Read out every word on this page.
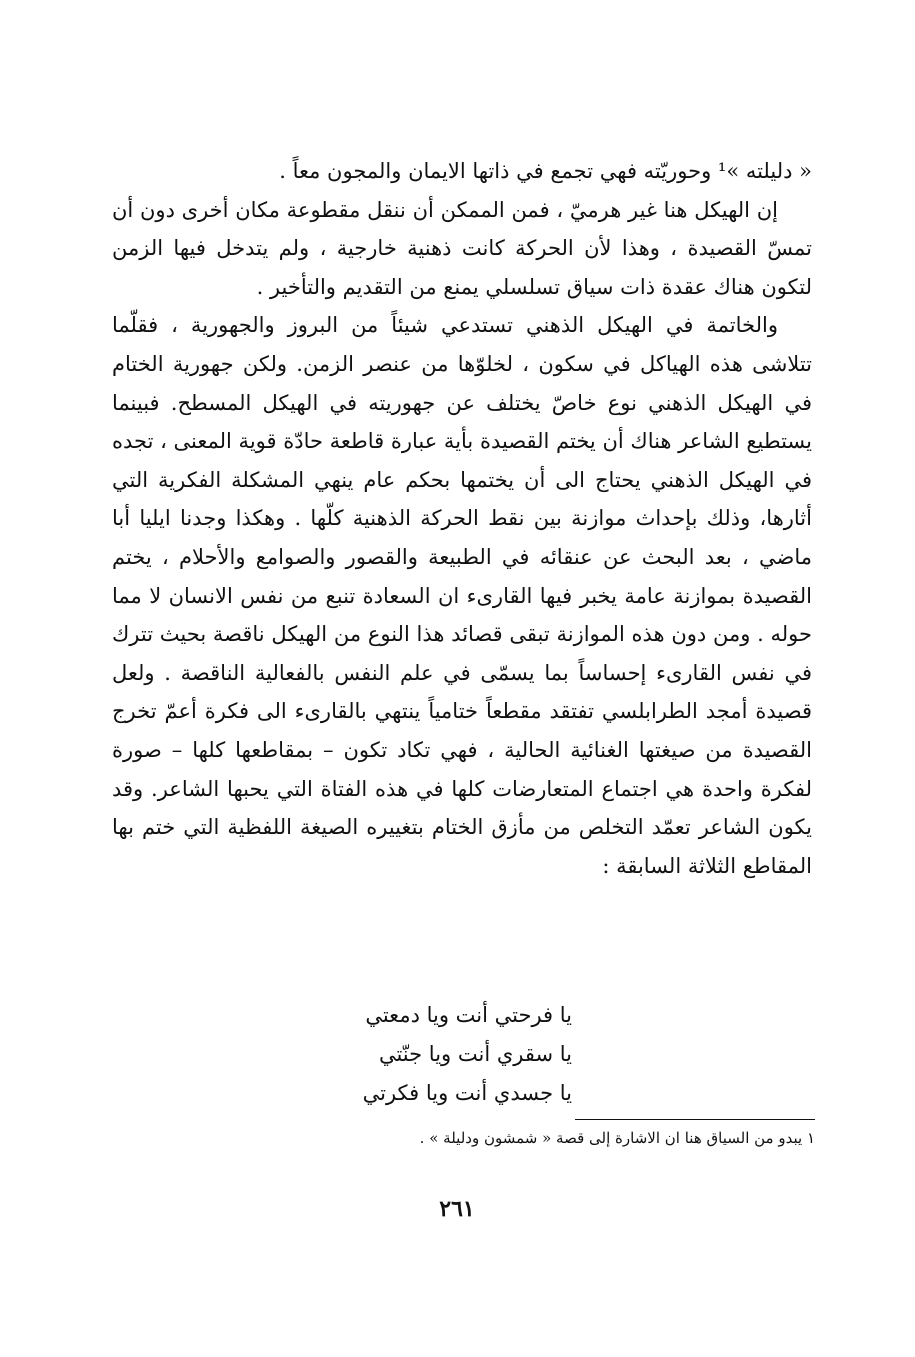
« دليلته »¹ وحوريّته فهي تجمع في ذاتها الايمان والمجون معاً .

إن الهيكل هنا غير هرميّ ، فمن الممكن أن ننقل مقطوعة مكان أخرى دون أن تمسّ القصيدة ، وهذا لأن الحركة كانت ذهنية خارجية ، ولم يتدخل فيها الزمن لتكون هناك عقدة ذات سياق تسلسلي يمنع من التقديم والتأخير .

والخاتمة في الهيكل الذهني تستدعي شيئاً من البروز والجهورية ، فقلّما تتلاشى هذه الهياكل في سكون ، لخلوّها من عنصر الزمن. ولكن جهورية الختام في الهيكل الذهني نوع خاصّ يختلف عن جهوريته في الهيكل المسطح. فبينما يستطيع الشاعر هناك أن يختم القصيدة بأية عبارة قاطعة حادّة قوية المعنى ، تجده في الهيكل الذهني يحتاج الى أن يختمها بحكم عام ينهي المشكلة الفكرية التي أثارها، وذلك بإحداث موازنة بين نقط الحركة الذهنية كلّها . وهكذا وجدنا ايليا أبا ماضي ، بعد البحث عن عنقائه في الطبيعة والقصور والصوامع والأحلام ، يختم القصيدة بموازنة عامة يخبر فيها القارىء ان السعادة تنبع من نفس الانسان لا مما حوله . ومن دون هذه الموازنة تبقى قصائد هذا النوع من الهيكل ناقصة بحيث تترك في نفس القارىء إحساساً بما يسمّى في علم النفس بالفعالية الناقصة . ولعل قصيدة أمجد الطرابلسي تفتقد مقطعاً ختامياً ينتهي بالقارىء الى فكرة أعمّ تخرج القصيدة من صيغتها الغنائية الحالية ، فهي تكاد تكون – بمقاطعها كلها – صورة لفكرة واحدة هي اجتماع المتعارضات كلها في هذه الفتاة التي يحبها الشاعر. وقد يكون الشاعر تعمّد التخلص من مأزق الختام بتغييره الصيغة اللفظية التي ختم بها المقاطع الثلاثة السابقة :

يا فرحتي أنت ويا دمعتي

يا سقري أنت ويا جنّتي

يا جسدي أنت ويا فكرتي

١ يبدو من السياق هنا ان الاشارة إلى قصة « شمشون ودليلة » .
٢٦١
